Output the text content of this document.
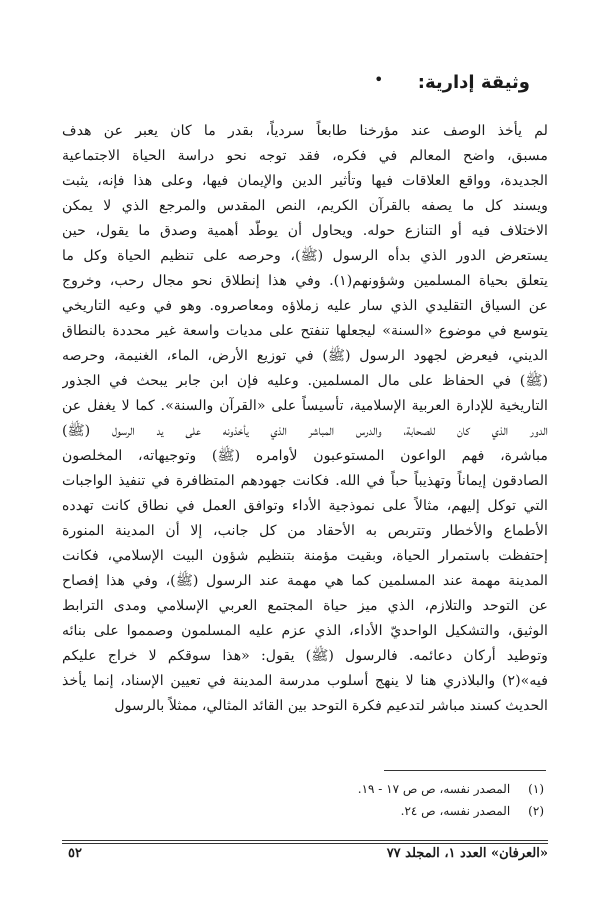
وثيقة إدارية:
•
لم يأخذ الوصف عند مؤرخنا طابعاً سردياً، بقدر ما كان يعبر عن هدف
مسبق، واضح المعالم في فكره، فقد توجه نحو دراسة الحياة الاجتماعية
الجديدة، وواقع العلاقات فيها وتأثير الدين والإيمان فيها، وعلى هذا فإنه، يثبت
ويسند كل ما يصفه بالقرآن الكريم، النص المقدس والمرجع الذي لا يمكن
الاختلاف فيه أو التنازع حوله. ويحاول أن يوطّد أهمية وصدق ما يقول، حين
يستعرض الدور الذي بدأه الرسول (ﷺ)، وحرصه على تنظيم الحياة وكل ما
يتعلق بحياة المسلمين وشؤونهم(١). وفي هذا إنطلاق نحو مجال رحب، وخروج
عن السياق التقليدي الذي سار عليه زملاؤه ومعاصروه. وهو في وعيه التاريخي
يتوسع في موضوع «السنة» ليجعلها تنفتح على مديات واسعة غير محددة بالنطاق
الديني، فيعرض لجهود الرسول (ﷺ) في توزيع الأرض، الماء، الغنيمة، وحرصه
(ﷺ) في الحفاظ على مال المسلمين. وعليه فإن ابن جابر يبحث في الجذور
التاريخية للإدارة العربية الإسلامية، تأسيساً على «القرآن والسنة». كما لا يغفل عن
الدور الذي كان للصحابة، والدرس المباشر الذي يأخذونه على يد الرسول (ﷺ)
مباشرة، فهم الواعون المستوعبون لأوامره (ﷺ) وتوجيهاته، المخلصون
الصادقون إيماناً وتهذيباً حباً في الله. فكانت جهودهم المتظافرة في تنفيذ الواجبات
التي توكل إليهم، مثالاً على نموذجية الأداء وتوافق العمل في نطاق كانت تهدده
الأطماع والأخطار وتتربص به الأحقاد من كل جانب، إلا أن المدينة المنورة
إحتفظت باستمرار الحياة، وبقيت مؤمنة بتنظيم شؤون البيت الإسلامي، فكانت
المدينة مهمة عند المسلمين كما هي مهمة عند الرسول (ﷺ)، وفي هذا إفصاح
عن التوحد والتلازم، الذي ميز حياة المجتمع العربي الإسلامي ومدى الترابط
الوثيق، والتشكيل الواحديّ الأداء، الذي عزم عليه المسلمون وصمموا على بنائه
وتوطيد أركان دعائمه. فالرسول (ﷺ) يقول: «هذا سوقكم لا خراج عليكم
فيه»(٢) والبلاذري هنا لا ينهج أسلوب مدرسة المدينة في تعيين الإسناد، إنما يأخذ
الحديث كسند مباشر لتدعيم فكرة التوحد بين القائد المثالي، ممثلاً بالرسول
(١) المصدر نفسه، ص ص ١٧ - ١٩.
(٢) المصدر نفسه، ص ٢٤.
٥٢	«العرفان» العدد ١، المجلد ٧٧
